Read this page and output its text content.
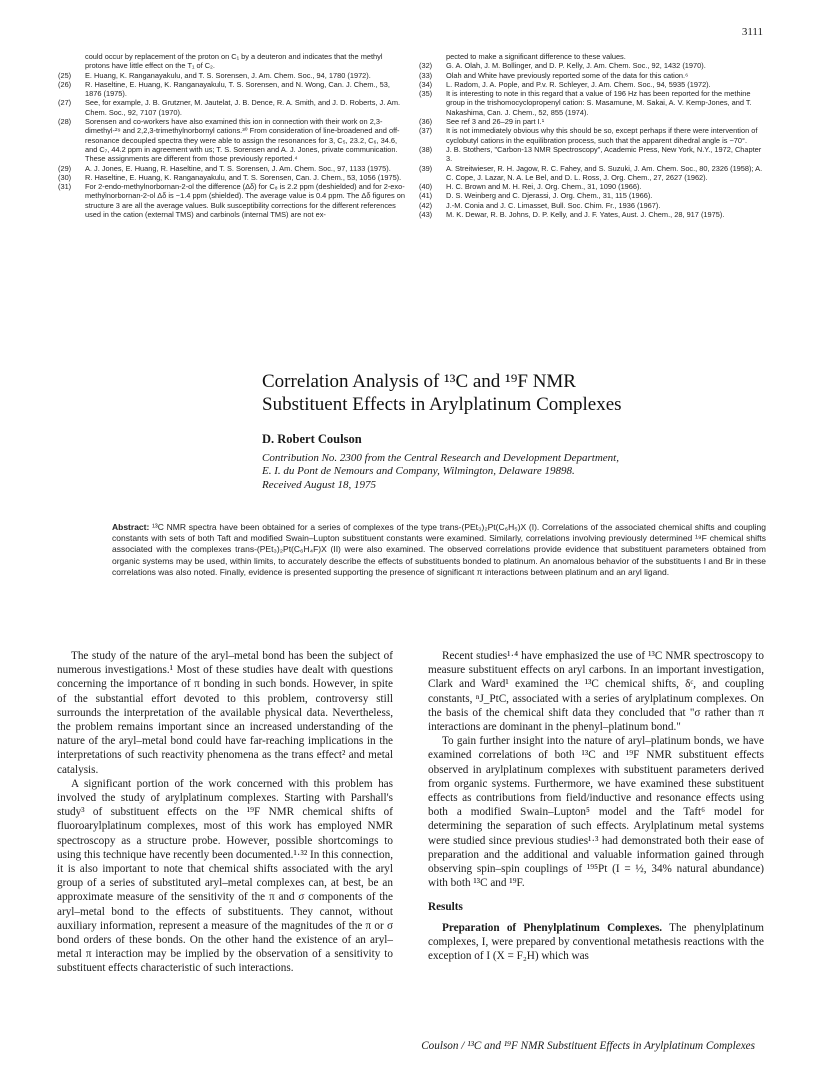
3111
could occur by replacement of the proton on C₁ by a deuteron and indicates that the methyl protons have little effect on the T₁ of C₂.
(25)	E. Huang, K. Ranganayakulu, and T. S. Sorensen, J. Am. Chem. Soc., 94, 1780 (1972).
(26)	R. Haseltine, E. Huang, K. Ranganayakulu, T. S. Sorensen, and N. Wong, Can. J. Chem., 53, 1876 (1975).
(27)	See, for example, J. B. Grutzner, M. Jautelat, J. B. Dence, R. A. Smith, and J. D. Roberts, J. Am. Chem. Soc., 92, 7107 (1970).
(28)	Sorensen and co-workers have also examined this ion in connection with their work on 2,3-dimethyl-²⁹ and 2,2,3-trimethylnorbornyl cations.³⁰ From consideration of line-broadened and off-resonance decoupled spectra they were able to assign the resonances for 3, C₅, 23.2, C₆, 34.6, and C₇, 44.2 ppm in agreement with us; T. S. Sorensen and A. J. Jones, private communication. These assignments are different from those previously reported.⁴
(29)	A. J. Jones, E. Huang, R. Haseltine, and T. S. Sorensen, J. Am. Chem. Soc., 97, 1133 (1975).
(30)	R. Haseltine, E. Huang, K. Ranganayakulu, and T. S. Sorensen, Can. J. Chem., 53, 1056 (1975).
(31)	For 2-endo-methylnorbornan-2-ol the difference (Δδ) for C₈ is 2.2 ppm (deshielded) and for 2-exo-methylnorbornan-2-ol Δδ is −1.4 ppm (shielded). The average value is 0.4 ppm. The Δδ figures on structure 3 are all the average values. Bulk susceptibility corrections for the different references used in the cation (external TMS) and carbinols (internal TMS) are not ex-
pected to make a significant difference to these values.
(32)	G. A. Olah, J. M. Bollinger, and D. P. Kelly, J. Am. Chem. Soc., 92, 1432 (1970).
(33)	Olah and White have previously reported some of the data for this cation.⁶
(34)	L. Radom, J. A. Pople, and P.v. R. Schleyer, J. Am. Chem. Soc., 94, 5935 (1972).
(35)	It is interesting to note in this regard that a value of 196 Hz has been reported for the methine group in the trishomocyclopropenyl cation: S. Masamune, M. Sakai, A. V. Kemp-Jones, and T. Nakashima, Can. J. Chem., 52, 855 (1974).
(36)	See ref 3 and 26–29 in part I.¹
(37)	It is not immediately obvious why this should be so, except perhaps if there were intervention of cyclobutyl cations in the equilibration process, such that the apparent dihedral angle is ~70°.
(38)	J. B. Stothers, "Carbon-13 NMR Spectroscopy", Academic Press, New York, N.Y., 1972, Chapter 3.
(39)	A. Streitwieser, R. H. Jagow, R. C. Fahey, and S. Suzuki, J. Am. Chem. Soc., 80, 2326 (1958); A. C. Cope, J. Lazar, N. A. Le Bel, and D. L. Ross, J. Org. Chem., 27, 2627 (1962).
(40)	H. C. Brown and M. H. Rei, J. Org. Chem., 31, 1090 (1966).
(41)	D. S. Weinberg and C. Djerassi, J. Org. Chem., 31, 115 (1966).
(42)	J.-M. Conia and J. C. Limasset, Bull. Soc. Chim. Fr., 1936 (1967).
(43)	M. K. Dewar, R. B. Johns, D. P. Kelly, and J. F. Yates, Aust. J. Chem., 28, 917 (1975).
Correlation Analysis of ¹³C and ¹⁹F NMR
Substituent Effects in Arylplatinum Complexes
D. Robert Coulson
Contribution No. 2300 from the Central Research and Development Department,
E. I. du Pont de Nemours and Company, Wilmington, Delaware 19898.
Received August 18, 1975
Abstract: ¹³C NMR spectra have been obtained for a series of complexes of the type trans-(PEt₃)₂Pt(C₆H₅)X (I). Correlations of the associated chemical shifts and coupling constants with sets of both Taft and modified Swain–Lupton substituent constants were examined. Similarly, correlations involving previously determined ¹⁹F chemical shifts associated with the complexes trans-(PEt₃)₂Pt(C₆H₄F)X (II) were also examined. The observed correlations provide evidence that substituent parameters obtained from organic systems may be used, within limits, to accurately describe the effects of substituents bonded to platinum. An anomalous behavior of the substituents I and Br in these correlations was also noted. Finally, evidence is presented supporting the presence of significant π interactions between platinum and an aryl ligand.

The study of the nature of the aryl–metal bond has been the subject of numerous investigations.¹ Most of these studies have dealt with questions concerning the importance of π bonding in such bonds. However, in spite of the substantial effort devoted to this problem, controversy still surrounds the interpretation of the available physical data. Nevertheless, the problem remains important since an increased understanding of the nature of the aryl–metal bond could have far-reaching implications in the interpretations of such reactivity phenomena as the trans effect² and metal catalysis.

A significant portion of the work concerned with this problem has involved the study of arylplatinum complexes. Starting with Parshall's study³ of substituent effects on the ¹⁹F NMR chemical shifts of fluoroarylplatinum complexes, most of this work has employed NMR spectroscopy as a structure probe. However, possible shortcomings to using this technique have recently been documented.¹·³² In this connection, it is also important to note that chemical shifts associated with the aryl group of a series of substituted aryl–metal complexes can, at best, be an approximate measure of the sensitivity of the π and σ components of the aryl–metal bond to the effects of substituents. They cannot, without auxiliary information, represent a measure of the magnitudes of the π or σ bond orders of these bonds. On the other hand the existence of an aryl–metal π interaction may be implied by the observation of a sensitivity to substituent effects characteristic of such interactions.

Recent studies¹·⁴ have emphasized the use of ¹³C NMR spectroscopy to measure substituent effects on aryl carbons. In an important investigation, Clark and Ward¹ examined the ¹³C chemical shifts, δᶜ, and coupling constants, ⁿJ_PtC, associated with a series of arylplatinum complexes. On the basis of the chemical shift data they concluded that "σ rather than π interactions are dominant in the phenyl–platinum bond."

To gain further insight into the nature of aryl–platinum bonds, we have examined correlations of both ¹³C and ¹⁹F NMR substituent effects observed in arylplatinum complexes with substituent parameters derived from organic systems. Furthermore, we have examined these substituent effects as contributions from field/inductive and resonance effects using both a modified Swain–Lupton⁵ model and the Taft⁶ model for determining the separation of such effects. Arylplatinum metal systems were studied since previous studies¹·³ had demonstrated both their ease of preparation and the additional and valuable information gained through observing spin–spin couplings of ¹⁹⁵Pt (I = ½, 34% natural abundance) with both ¹³C and ¹⁹F.

Results

Preparation of Phenylplatinum Complexes. The phenylplatinum complexes, I, were prepared by conventional metathesis reactions with the exception of I (X = F₂H) which was

Coulson / ¹³C and ¹⁹F NMR Substituent Effects in Arylplatinum Complexes
